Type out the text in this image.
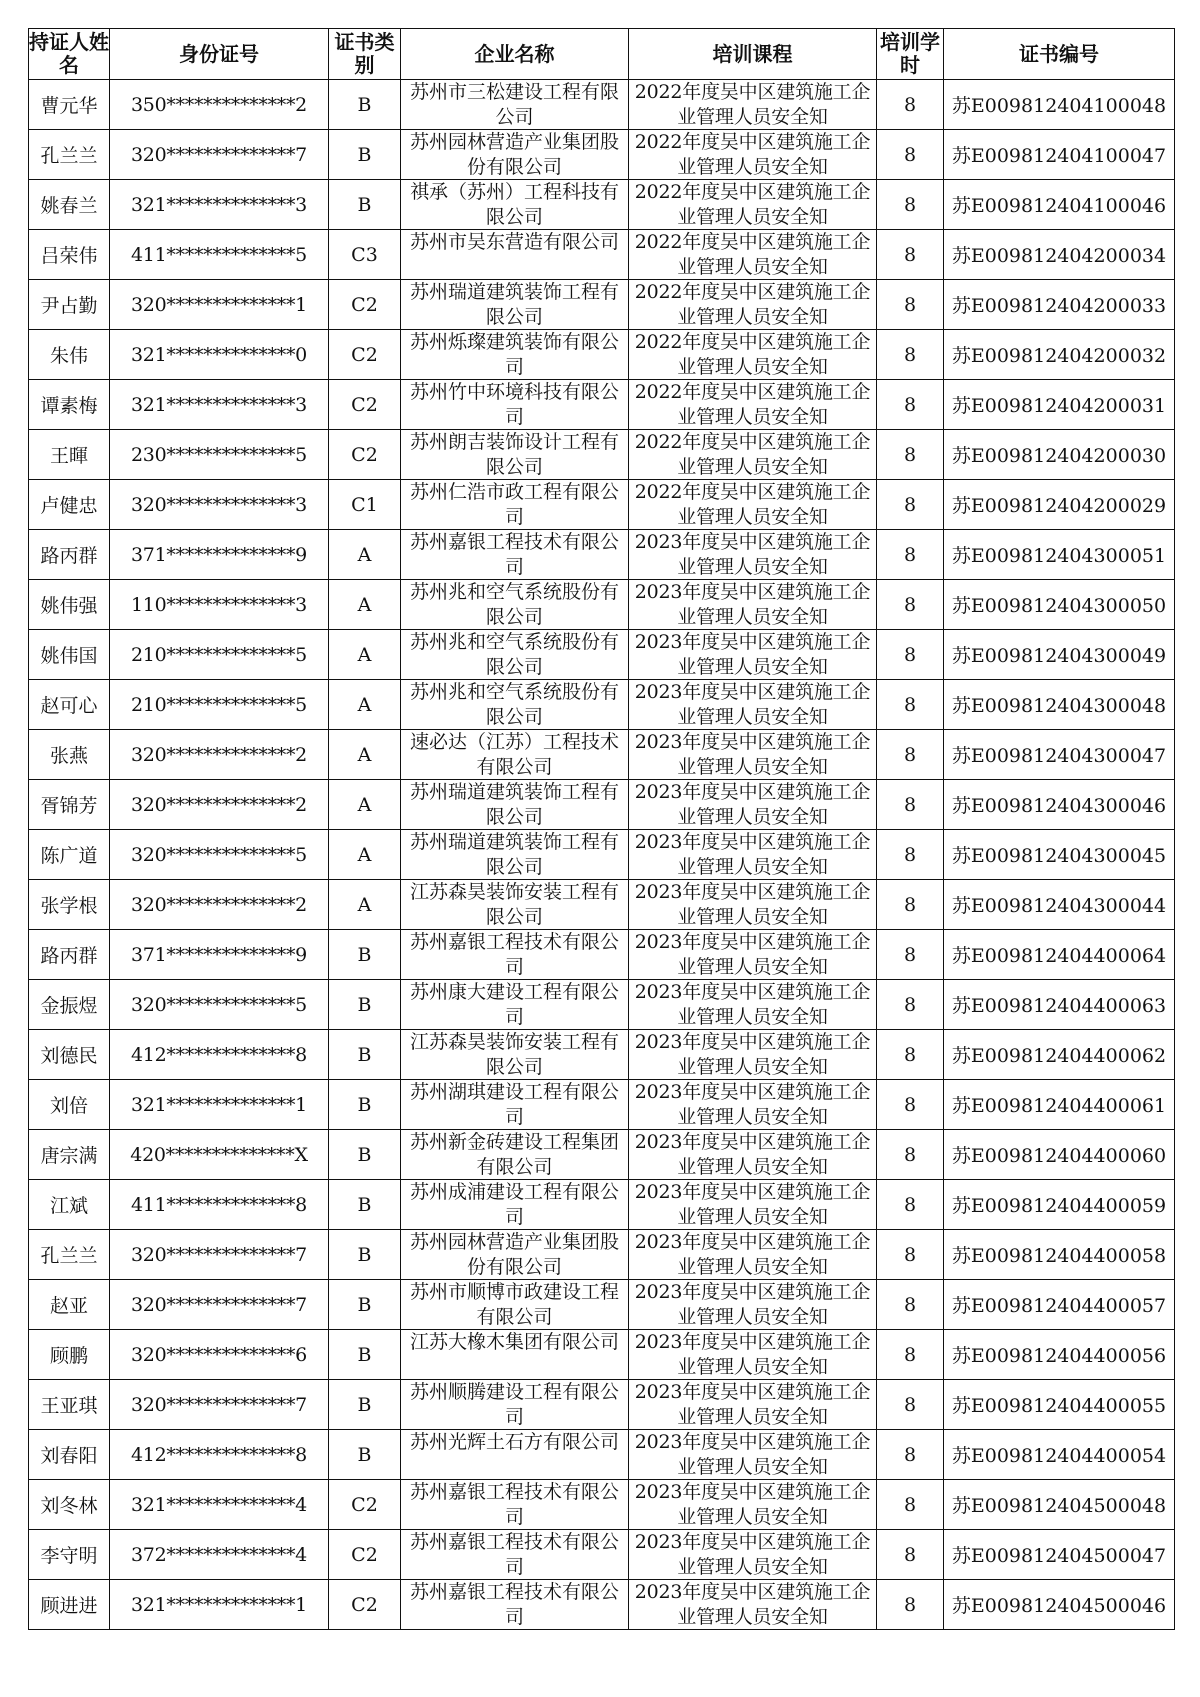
持证人姓名	身份证号	证书类别	企业名称	培训课程	培训学时	证书编号
曹元华	350**************2	B	苏州市三松建设工程有限公司	2022年度吴中区建筑施工企业管理人员安全知	8	苏E009812404100048
孔兰兰	320**************7	B	苏州园林营造产业集团股份有限公司	2022年度吴中区建筑施工企业管理人员安全知	8	苏E009812404100047
姚春兰	321**************3	B	祺承（苏州）工程科技有限公司	2022年度吴中区建筑施工企业管理人员安全知	8	苏E009812404100046
吕荣伟	411**************5	C3	苏州市吴东营造有限公司	2022年度吴中区建筑施工企业管理人员安全知	8	苏E009812404200034
尹占勤	320**************1	C2	苏州瑞道建筑装饰工程有限公司	2022年度吴中区建筑施工企业管理人员安全知	8	苏E009812404200033
朱伟	321**************0	C2	苏州烁璨建筑装饰有限公司	2022年度吴中区建筑施工企业管理人员安全知	8	苏E009812404200032
谭素梅	321**************3	C2	苏州竹中环境科技有限公司	2022年度吴中区建筑施工企业管理人员安全知	8	苏E009812404200031
王暉	230**************5	C2	苏州朗吉装饰设计工程有限公司	2022年度吴中区建筑施工企业管理人员安全知	8	苏E009812404200030
卢健忠	320**************3	C1	苏州仁浩市政工程有限公司	2022年度吴中区建筑施工企业管理人员安全知	8	苏E009812404200029
路丙群	371**************9	A	苏州嘉银工程技术有限公司	2023年度吴中区建筑施工企业管理人员安全知	8	苏E009812404300051
姚伟强	110**************3	A	苏州兆和空气系统股份有限公司	2023年度吴中区建筑施工企业管理人员安全知	8	苏E009812404300050
姚伟国	210**************5	A	苏州兆和空气系统股份有限公司	2023年度吴中区建筑施工企业管理人员安全知	8	苏E009812404300049
赵可心	210**************5	A	苏州兆和空气系统股份有限公司	2023年度吴中区建筑施工企业管理人员安全知	8	苏E009812404300048
张燕	320**************2	A	速必达（江苏）工程技术有限公司	2023年度吴中区建筑施工企业管理人员安全知	8	苏E009812404300047
胥锦芳	320**************2	A	苏州瑞道建筑装饰工程有限公司	2023年度吴中区建筑施工企业管理人员安全知	8	苏E009812404300046
陈广道	320**************5	A	苏州瑞道建筑装饰工程有限公司	2023年度吴中区建筑施工企业管理人员安全知	8	苏E009812404300045
张学根	320**************2	A	江苏森昊装饰安装工程有限公司	2023年度吴中区建筑施工企业管理人员安全知	8	苏E009812404300044
路丙群	371**************9	B	苏州嘉银工程技术有限公司	2023年度吴中区建筑施工企业管理人员安全知	8	苏E009812404400064
金振煜	320**************5	B	苏州康大建设工程有限公司	2023年度吴中区建筑施工企业管理人员安全知	8	苏E009812404400063
刘德民	412**************8	B	江苏森昊装饰安装工程有限公司	2023年度吴中区建筑施工企业管理人员安全知	8	苏E009812404400062
刘倍	321**************1	B	苏州湖琪建设工程有限公司	2023年度吴中区建筑施工企业管理人员安全知	8	苏E009812404400061
唐宗满	420**************X	B	苏州新金砖建设工程集团有限公司	2023年度吴中区建筑施工企业管理人员安全知	8	苏E009812404400060
江斌	411**************8	B	苏州成浦建设工程有限公司	2023年度吴中区建筑施工企业管理人员安全知	8	苏E009812404400059
孔兰兰	320**************7	B	苏州园林营造产业集团股份有限公司	2023年度吴中区建筑施工企业管理人员安全知	8	苏E009812404400058
赵亚	320**************7	B	苏州市顺博市政建设工程有限公司	2023年度吴中区建筑施工企业管理人员安全知	8	苏E009812404400057
顾鹏	320**************6	B	江苏大橡木集团有限公司	2023年度吴中区建筑施工企业管理人员安全知	8	苏E009812404400056
王亚琪	320**************7	B	苏州顺腾建设工程有限公司	2023年度吴中区建筑施工企业管理人员安全知	8	苏E009812404400055
刘春阳	412**************8	B	苏州光辉土石方有限公司	2023年度吴中区建筑施工企业管理人员安全知	8	苏E009812404400054
刘冬林	321**************4	C2	苏州嘉银工程技术有限公司	2023年度吴中区建筑施工企业管理人员安全知	8	苏E009812404500048
李守明	372**************4	C2	苏州嘉银工程技术有限公司	2023年度吴中区建筑施工企业管理人员安全知	8	苏E009812404500047
顾进进	321**************1	C2	苏州嘉银工程技术有限公司	2023年度吴中区建筑施工企业管理人员安全知	8	苏E009812404500046
